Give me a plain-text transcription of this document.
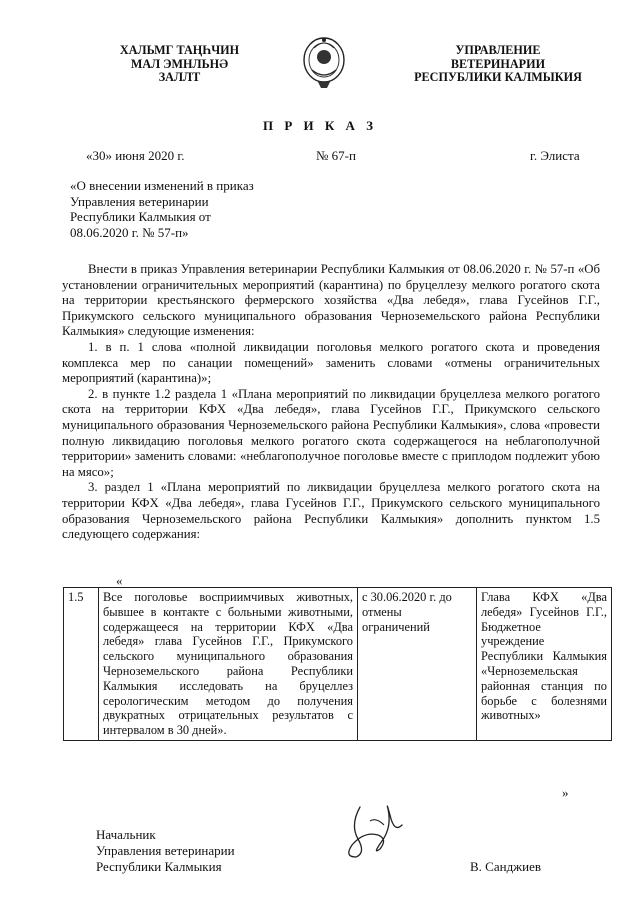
ХАЛЬМГ ТАҢҺЧИН
МАЛ ЭМНЛЬНӘ
ЗАЛЛТ
УПРАВЛЕНИЕ
ВЕТЕРИНАРИИ
РЕСПУБЛИКИ КАЛМЫКИЯ
П Р И К А З
«30» июня 2020 г.	№ 67-п	г. Элиста
«О внесении изменений в приказ
Управления ветеринарии
Республики Калмыкия от
08.06.2020 г. № 57-п»

Внести в приказ Управления ветеринарии Республики Калмыкия от 08.06.2020 г. № 57-п «Об установлении ограничительных мероприятий (карантина) по бруцеллезу мелкого рогатого скота на территории крестьянского фермерского хозяйства «Два лебедя», глава Гусейнов Г.Г., Прикумского сельского муниципального образования Черноземельского района Республики Калмыкия» следующие изменения:

1. в п. 1 слова «полной ликвидации поголовья мелкого рогатого скота и проведения комплекса мер по санации помещений» заменить словами «отмены ограничительных мероприятий (карантина)»;

2. в пункте 1.2 раздела 1 «Плана мероприятий по ликвидации бруцеллеза мелкого рогатого скота на территории КФХ «Два лебедя», глава Гусейнов Г.Г., Прикумского сельского муниципального образования Черноземельского района Республики Калмыкия», слова «провести полную ликвидацию поголовья мелкого рогатого скота содержащегося на неблагополучной территории» заменить словами: «неблагополучное поголовье вместе с приплодом подлежит убою на мясо»;

3. раздел 1 «Плана мероприятий по ликвидации бруцеллеза мелкого рогатого скота на территории КФХ «Два лебедя», глава Гусейнов Г.Г., Прикумского сельского муниципального образования Черноземельского района Республики Калмыкия» дополнить пунктом 1.5 следующего содержания:

«
1.5	Все поголовье восприимчивых животных, бывшее в контакте с больными животными, содержащееся на территории КФХ «Два лебедя» глава Гусейнов Г.Г., Прикумского сельского муниципального образования Черноземельского района Республики Калмыкия исследовать на бруцеллез серологическим методом до получения двукратных отрицательных результатов с интервалом в 30 дней».	с 30.06.2020 г. до отмены ограничений	Глава КФХ «Два лебедя» Гусейнов Г.Г., Бюджетное учреждение Республики Калмыкия «Черноземельская районная станция по борьбе с болезнями животных»
»
Начальник
Управления ветеринарии
Республики Калмыкия	В. Санджиев
